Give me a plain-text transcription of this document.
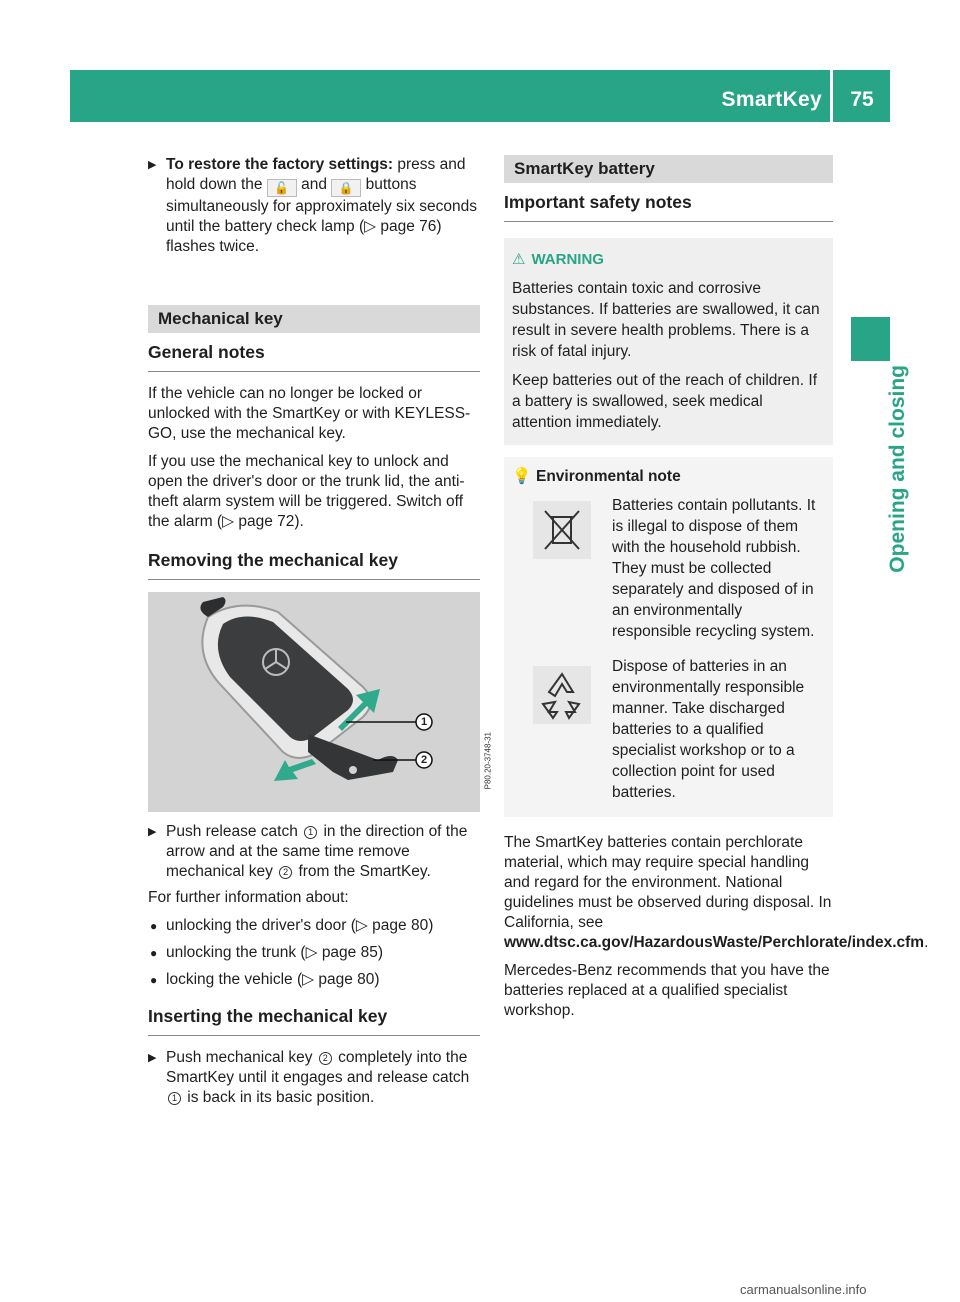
SmartKey	75
Opening and closing
▶ To restore the factory settings: press and hold down the 🔓 and 🔒 buttons simultaneously for approximately six seconds until the battery check lamp (▷ page 76) flashes twice.
Mechanical key
General notes

If the vehicle can no longer be locked or unlocked with the SmartKey or with KEYLESS-GO, use the mechanical key.

If you use the mechanical key to unlock and open the driver's door or the trunk lid, the anti-theft alarm system will be triggered. Switch off the alarm (▷ page 72).

Removing the mechanical key
1
2	P80.20-3748-31
▶ Push release catch 1 in the direction of the arrow and at the same time remove mechanical key 2 from the SmartKey.

For further information about:

● unlocking the driver's door (▷ page 80)
● unlocking the trunk (▷ page 85)
● locking the vehicle (▷ page 80)
Inserting the mechanical key
▶ Push mechanical key 2 completely into the SmartKey until it engages and release catch 1 is back in its basic position.
SmartKey battery
Important safety notes
⚠ WARNING

Batteries contain toxic and corrosive substances. If batteries are swallowed, it can result in severe health problems. There is a risk of fatal injury.

Keep batteries out of the reach of children. If a battery is swallowed, seek medical attention immediately.

💡 Environmental note
Batteries contain pollutants. It is illegal to dispose of them with the household rubbish. They must be collected separately and disposed of in an environmentally responsible recycling system.
Dispose of batteries in an environmentally responsible manner. Take discharged batteries to a qualified specialist workshop or to a collection point for used batteries.

The SmartKey batteries contain perchlorate material, which may require special handling and regard for the environment. National guidelines must be observed during disposal. In California, see www.dtsc.ca.gov/HazardousWaste/Perchlorate/index.cfm.

Mercedes-Benz recommends that you have the batteries replaced at a qualified specialist workshop.

carmanualsonline.info
